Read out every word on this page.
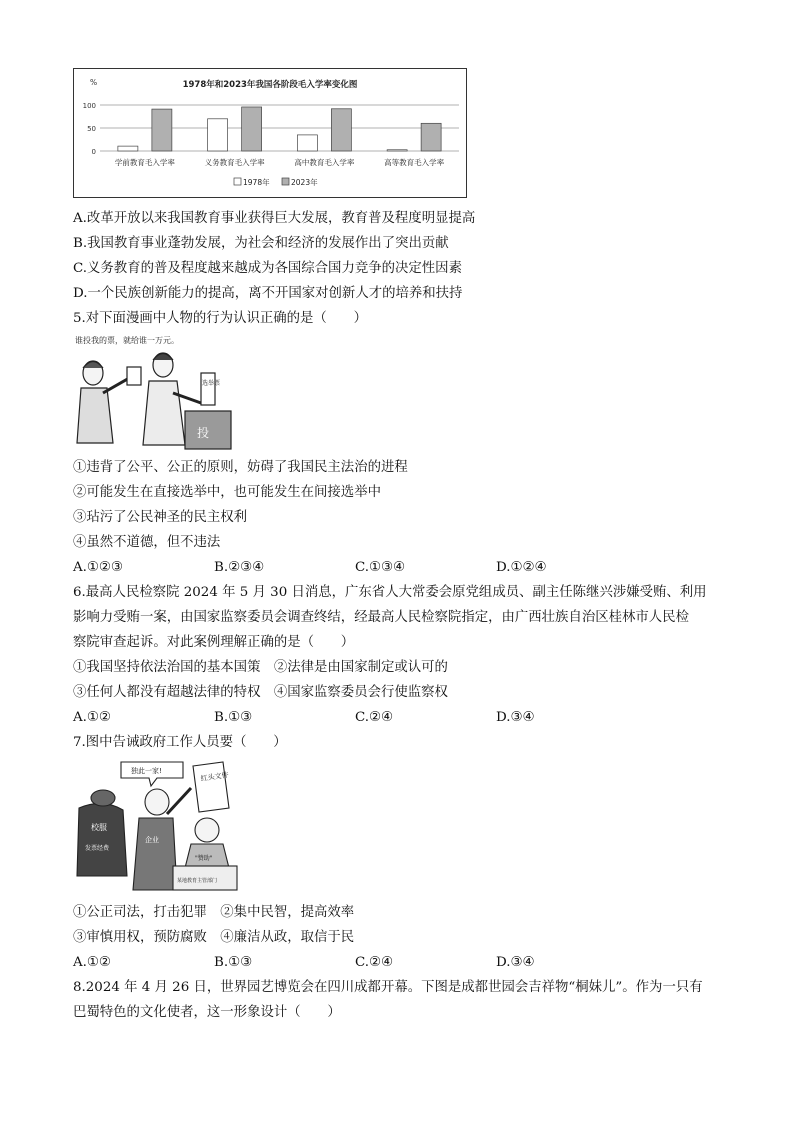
1978年和2023年我国各阶段毛入学率变化图
%
0
50
100
学前教育毛入学率	义务教育毛入学率	高中教育毛入学率	高等教育毛入学率
1978年	2023年
A.改革开放以来我国教育事业获得巨大发展，教育普及程度明显提高
B.我国教育事业蓬勃发展，为社会和经济的发展作出了突出贡献
C.义务教育的普及程度越来越成为各国综合国力竞争的决定性因素
D.一个民族创新能力的提高，离不开国家对创新人才的培养和扶持
5.对下面漫画中人物的行为认识正确的是（　　）
谁投我的票，就给谁一万元。
选举票
投
①违背了公平、公正的原则，妨碍了我国民主法治的进程
②可能发生在直接选举中，也可能发生在间接选举中
③玷污了公民神圣的民主权利
④虽然不道德，但不违法
A.①②③	B.②③④	C.①③④	D.①②④
6.最高人民检察院 2024 年 5 月 30 日消息，广东省人大常委会原党组成员、副主任陈继兴涉嫌受贿、利用
影响力受贿一案，由国家监察委员会调查终结，经最高人民检察院指定，由广西壮族自治区桂林市人民检
察院审查起诉。对此案例理解正确的是（　　）
①我国坚持依法治国的基本国策　②法律是由国家制定或认可的
③任何人都没有超越法律的特权　④国家监察委员会行使监察权
A.①②	B.①③	C.②④	D.③④
7.图中告诫政府工作人员要（　　）
独此一家!	红头文件
校服
发票经费
企业
"赞助"
某地教育主管部门
①公正司法，打击犯罪　②集中民智，提高效率
③审慎用权，预防腐败　④廉洁从政，取信于民
A.①②	B.①③	C.②④	D.③④
8.2024 年 4 月 26 日，世界园艺博览会在四川成都开幕。下图是成都世园会吉祥物“桐妹儿”。作为一只有
巴蜀特色的文化使者，这一形象设计（　　）
